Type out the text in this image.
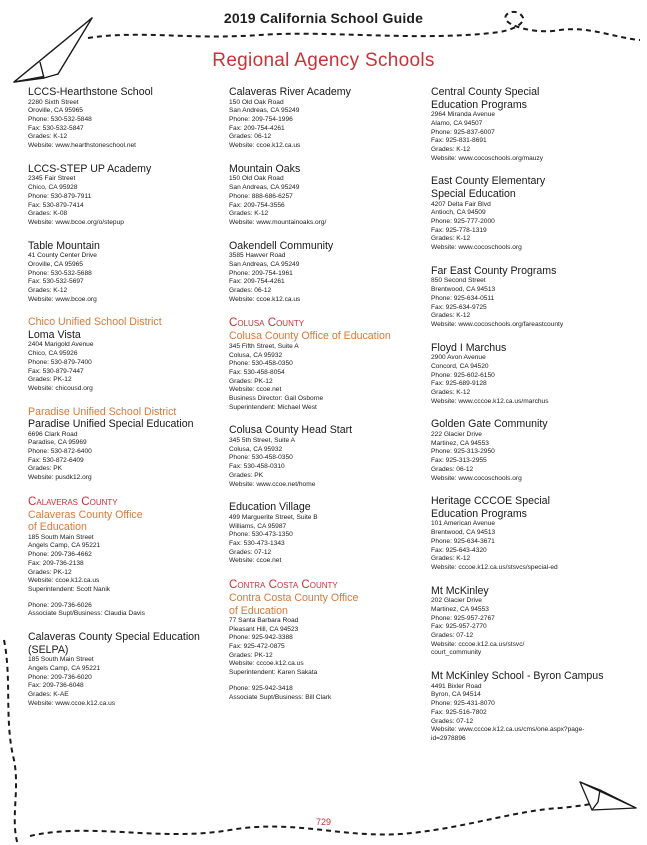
2019 California School Guide
Regional Agency Schools
LCCS-Hearthstone School
2280 Sixth Street
Oroville, CA 95965
Phone: 530-532-5848
Fax: 530-532-5847
Grades: K-12
Website: www.hearthstoneschool.net
LCCS-STEP UP Academy
2345 Fair Street
Chico, CA 95928
Phone: 530-879-7911
Fax: 530-879-7414
Grades: K-08
Website: www.bcoe.org/o/stepup
Table Mountain
41 County Center Drive
Oroville, CA 95965
Phone: 530-532-5688
Fax: 530-532-5697
Grades: K-12
Website: www.bcoe.org
Chico Unified School District
Loma Vista
2404 Marigold Avenue
Chico, CA 95926
Phone: 530-879-7400
Fax: 530-879-7447
Grades: PK-12
Website: chicousd.org
Paradise Unified School District
Paradise Unified Special Education
6696 Clark Road
Paradise, CA 95969
Phone: 530-872-6400
Fax: 530-872-6409
Grades: PK
Website: pusdk12.org
Calaveras County
Calaveras County Office
of Education
185 South Main Street
Angels Camp, CA 95221
Phone: 209-736-4662
Fax: 209-736-2138
Grades: PK-12
Website: ccoe.k12.ca.us
Superintendent: Scott Nanik
Phone: 209-736-6026
Associate Supt/Business: Claudia Davis
Calaveras County Special Education
(SELPA)
185 South Main Street
Angels Camp, CA 95221
Phone: 209-736-6020
Fax: 209-736-6048
Grades: K-AE
Website: www.ccoe.k12.ca.us
Calaveras River Academy
150 Old Oak Road
San Andreas, CA 95249
Phone: 209-754-1996
Fax: 209-754-4261
Grades: 06-12
Website: ccoe.k12.ca.us
Mountain Oaks
150 Old Oak Road
San Andreas, CA 95249
Phone: 888-686-6257
Fax: 209-754-3556
Grades: K-12
Website: www.mountainoaks.org/
Oakendell Community
3585 Hawver Road
San Andreas, CA 95249
Phone: 209-754-1961
Fax: 209-754-4261
Grades: 06-12
Website: ccoe.k12.ca.us
Colusa County
Colusa County Office of Education
345 Fifth Street, Suite A
Colusa, CA 95932
Phone: 530-458-0350
Fax: 530-458-8054
Grades: PK-12
Website: ccoe.net
Business Director: Gail Osborne
Superintendent: Michael West
Colusa County Head Start
345 5th Street, Suite A
Colusa, CA 95932
Phone: 530-458-0350
Fax: 530-458-0310
Grades: PK
Website: www.ccoe.net/home
Education Village
499 Marguerite Street, Suite B
Williams, CA 95987
Phone: 530-473-1350
Fax: 530-473-1343
Grades: 07-12
Website: ccoe.net
Contra Costa County
Contra Costa County Office
of Education
77 Santa Barbara Road
Pleasant Hill, CA 94523
Phone: 925-942-3388
Fax: 925-472-0875
Grades: PK-12
Website: cccoe.k12.ca.us
Superintendent: Karen Sakata
Phone: 925-942-3418
Associate Supt/Business: Bill Clark
Central County Special
Education Programs
2964 Miranda Avenue
Alamo, CA 94507
Phone: 925-837-6007
Fax: 925-831-8691
Grades: K-12
Website: www.cocoschools.org/mauzy
East County Elementary
Special Education
4207 Delta Fair Blvd
Antioch, CA 94509
Phone: 925-777-2000
Fax: 925-778-1319
Grades: K-12
Website: www.cocoschools.org
Far East County Programs
850 Second Street
Brentwood, CA 94513
Phone: 925-634-0511
Fax: 925-634-9725
Grades: K-12
Website: www.cocoschools.org/fareastcounty
Floyd I Marchus
2900 Avon Avenue
Concord, CA 94520
Phone: 925-602-6150
Fax: 925-689-9128
Grades: K-12
Website: www.cccoe.k12.ca.us/marchus
Golden Gate Community
222 Glacier Drive
Martinez, CA 94553
Phone: 925-313-2950
Fax: 925-313-2955
Grades: 06-12
Website: www.cocoschools.org
Heritage CCCOE Special
Education Programs
101 American Avenue
Brentwood, CA 94513
Phone: 925-634-3671
Fax: 925-643-4320
Grades: K-12
Website: cccoe.k12.ca.us/stsvcs/special-ed
Mt McKinley
202 Glacier Drive
Martinez, CA 94553
Phone: 925-957-2767
Fax: 925-957-2770
Grades: 07-12
Website: cccoe.k12.ca.us/stsvc/
court_community
Mt McKinley School - Byron Campus
4491 Bixler Road
Byron, CA 94514
Phone: 925-431-8070
Fax: 925-516-7802
Grades: 07-12
Website: www.cccoe.k12.ca.us/cms/one.aspx?page-
id=2978896
729
